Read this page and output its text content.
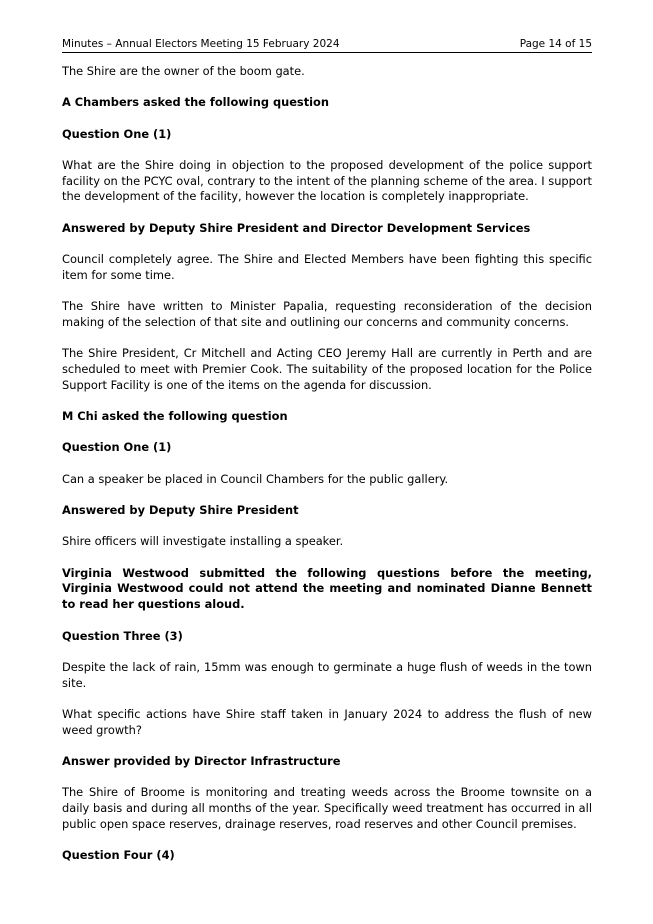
Minutes – Annual Electors Meeting 15 February 2024	Page 14 of 15

The Shire are the owner of the boom gate.

A Chambers asked the following question

Question One (1)

What are the Shire doing in objection to the proposed development of the police support facility on the PCYC oval, contrary to the intent of the planning scheme of the area. I support the development of the facility, however the location is completely inappropriate.

Answered by Deputy Shire President and Director Development Services

Council completely agree. The Shire and Elected Members have been fighting this specific item for some time.

The Shire have written to Minister Papalia, requesting reconsideration of the decision making of the selection of that site and outlining our concerns and community concerns.

The Shire President, Cr Mitchell and Acting CEO Jeremy Hall are currently in Perth and are scheduled to meet with Premier Cook. The suitability of the proposed location for the Police Support Facility is one of the items on the agenda for discussion.

M Chi asked the following question

Question One (1)

Can a speaker be placed in Council Chambers for the public gallery.

Answered by Deputy Shire President

Shire officers will investigate installing a speaker.

Virginia Westwood submitted the following questions before the meeting, Virginia Westwood could not attend the meeting and nominated Dianne Bennett to read her questions aloud.

Question Three (3)

Despite the lack of rain, 15mm was enough to germinate a huge flush of weeds in the town site.

What specific actions have Shire staff taken in January 2024 to address the flush of new weed growth?

Answer provided by Director Infrastructure

The Shire of Broome is monitoring and treating weeds across the Broome townsite on a daily basis and during all months of the year. Specifically weed treatment has occurred in all public open space reserves, drainage reserves, road reserves and other Council premises.

Question Four (4)
